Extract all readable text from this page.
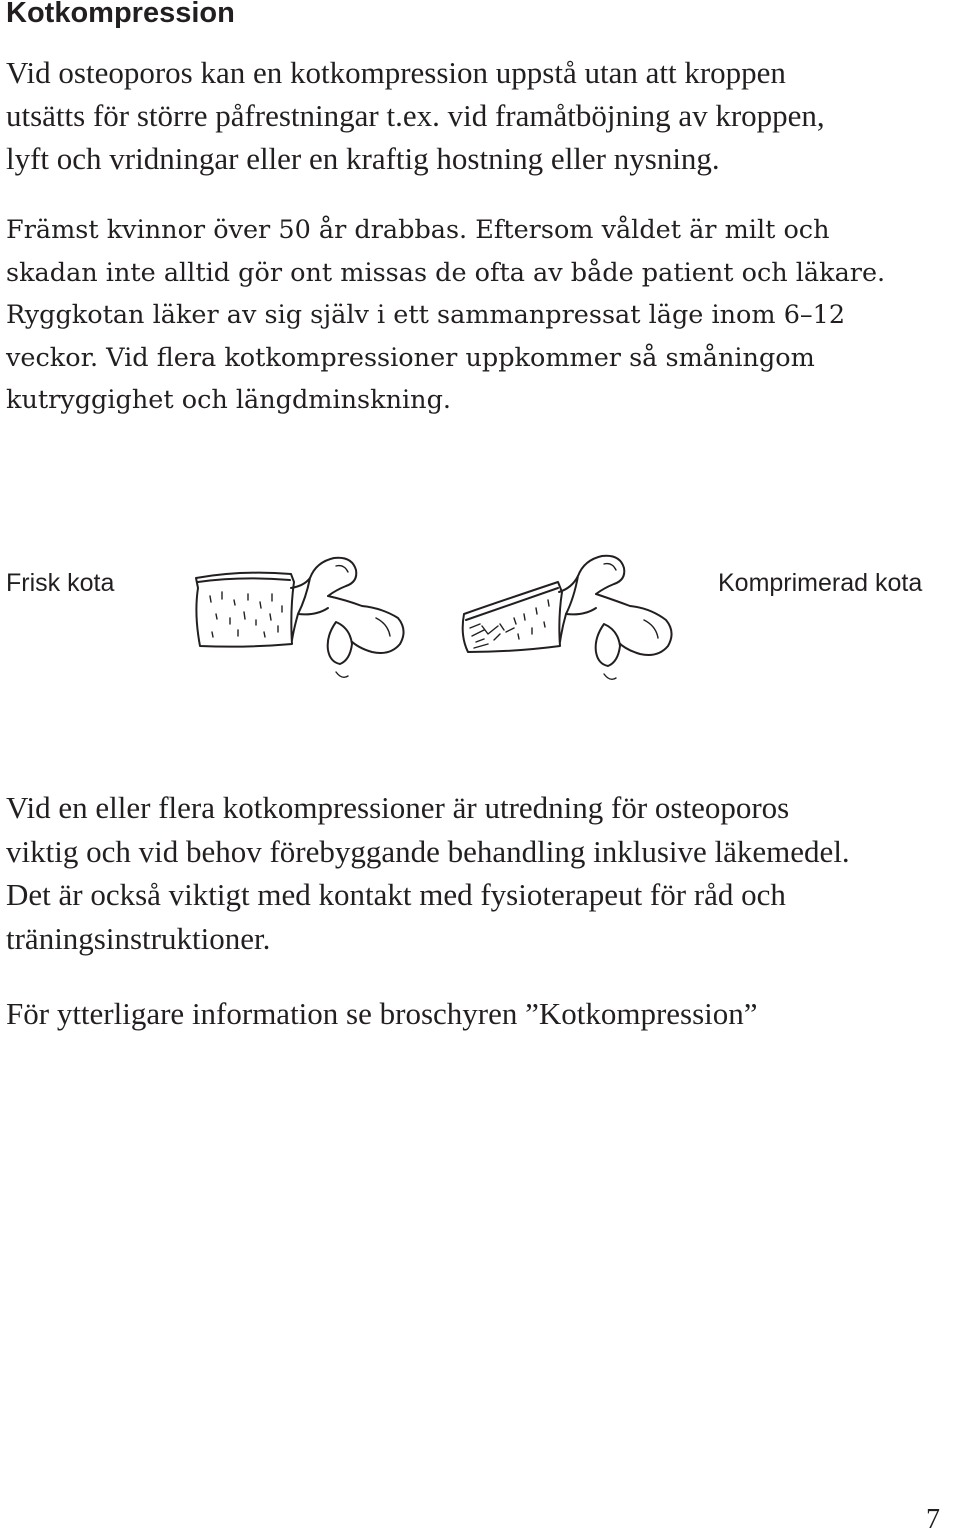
Kotkompression

Vid osteoporos kan en kotkompression uppstå utan att kroppen
utsätts för större påfrestningar t.ex. vid framåtböjning av kroppen,
lyft och vridningar eller en kraftig hostning eller nysning.

Främst kvinnor över 50 år drabbas. Eftersom våldet är milt och
skadan inte alltid gör ont missas de ofta av både patient och läkare.
Ryggkotan läker av sig själv i ett sammanpressat läge inom 6–12
veckor. Vid flera kotkompressioner uppkommer så småningom
kutryggighet och längdminskning.

Frisk kota	Komprimerad kota

Vid en eller flera kotkompressioner är utredning för osteoporos
viktig och vid behov förebyggande behandling inklusive läkemedel.
Det är också viktigt med kontakt med fysioterapeut för råd och
träningsinstruktioner.

För ytterligare information se broschyren ”Kotkompression”

7
